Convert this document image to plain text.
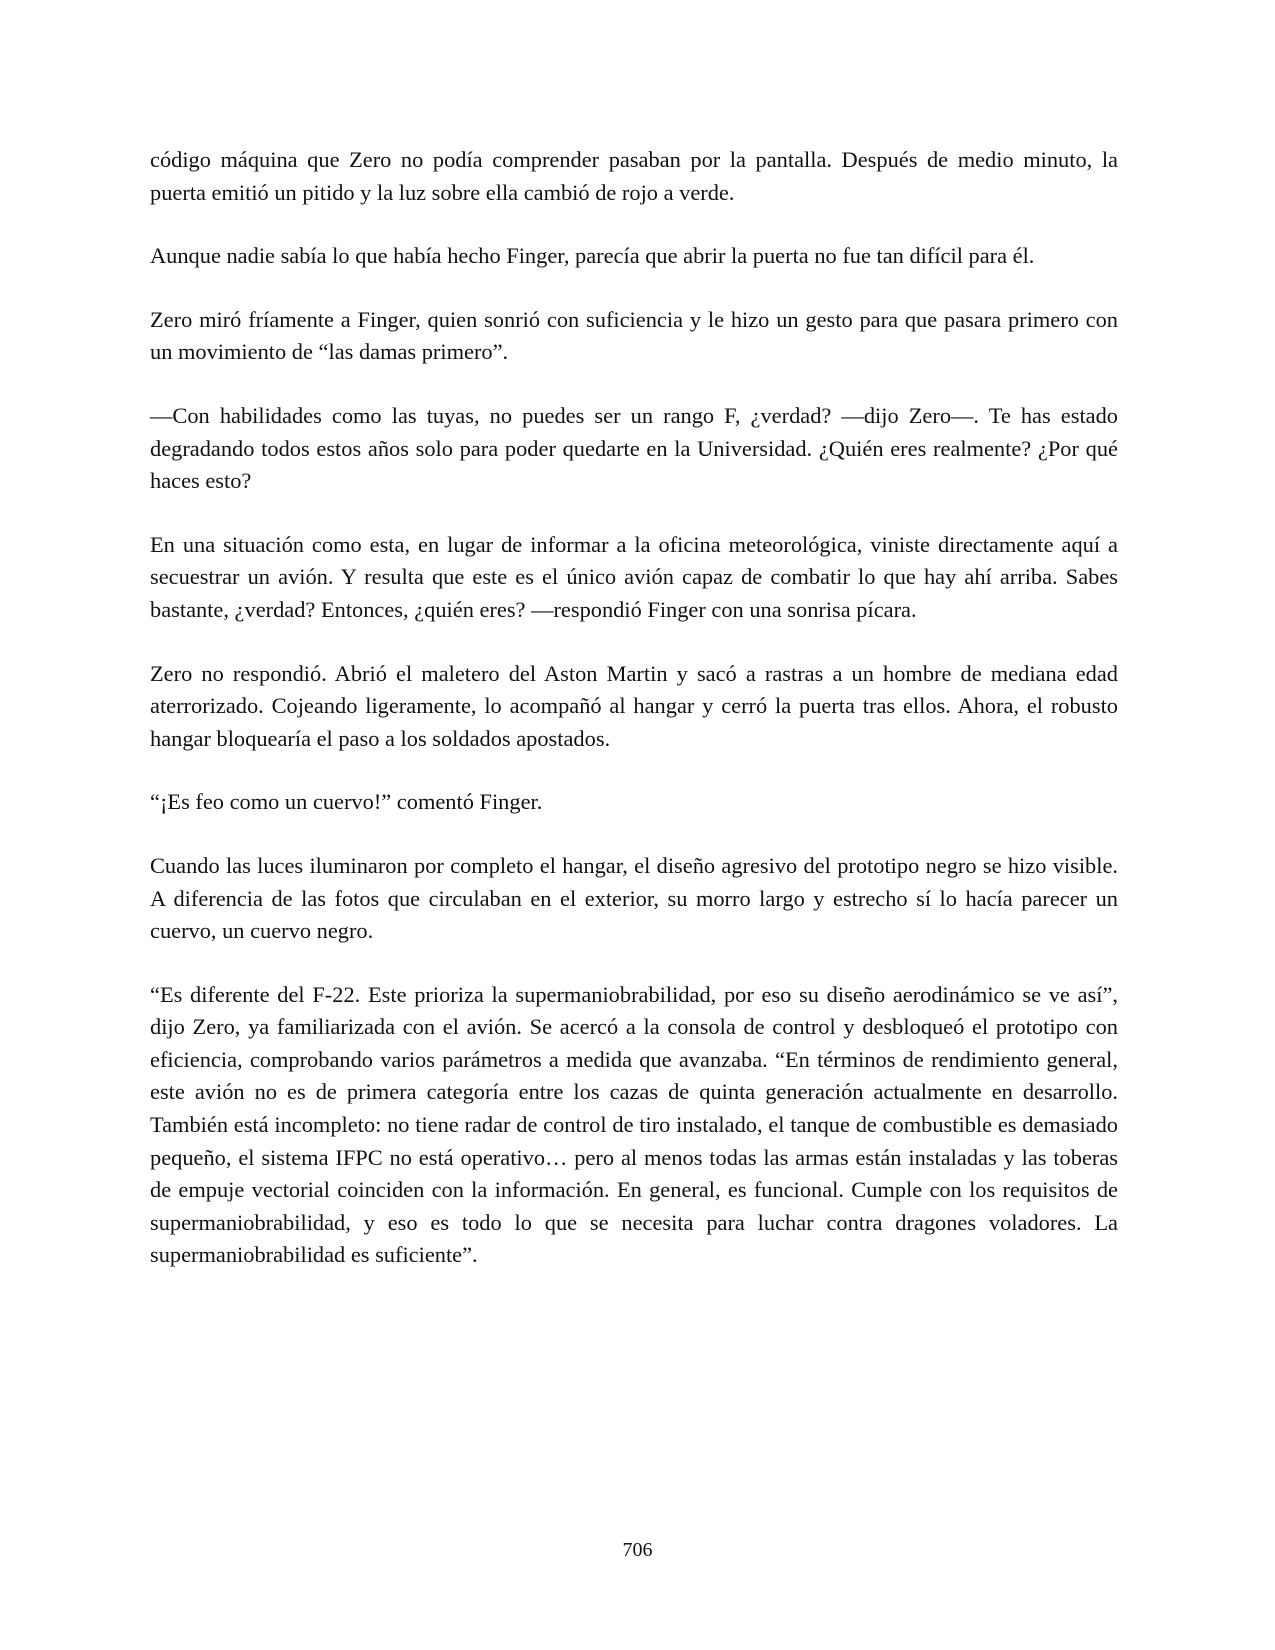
código máquina que Zero no podía comprender pasaban por la pantalla. Después de medio minuto, la puerta emitió un pitido y la luz sobre ella cambió de rojo a verde.

Aunque nadie sabía lo que había hecho Finger, parecía que abrir la puerta no fue tan difícil para él.

Zero miró fríamente a Finger, quien sonrió con suficiencia y le hizo un gesto para que pasara primero con un movimiento de “las damas primero”.

—Con habilidades como las tuyas, no puedes ser un rango F, ¿verdad? —dijo Zero—. Te has estado degradando todos estos años solo para poder quedarte en la Universidad. ¿Quién eres realmente? ¿Por qué haces esto?

En una situación como esta, en lugar de informar a la oficina meteorológica, viniste directamente aquí a secuestrar un avión. Y resulta que este es el único avión capaz de combatir lo que hay ahí arriba. Sabes bastante, ¿verdad? Entonces, ¿quién eres? —respondió Finger con una sonrisa pícara.

Zero no respondió. Abrió el maletero del Aston Martin y sacó a rastras a un hombre de mediana edad aterrorizado. Cojeando ligeramente, lo acompañó al hangar y cerró la puerta tras ellos. Ahora, el robusto hangar bloquearía el paso a los soldados apostados.

“¡Es feo como un cuervo!” comentó Finger.

Cuando las luces iluminaron por completo el hangar, el diseño agresivo del prototipo negro se hizo visible. A diferencia de las fotos que circulaban en el exterior, su morro largo y estrecho sí lo hacía parecer un cuervo, un cuervo negro.

“Es diferente del F-22. Este prioriza la supermaniobrabilidad, por eso su diseño aerodinámico se ve así”, dijo Zero, ya familiarizada con el avión. Se acercó a la consola de control y desbloqueó el prototipo con eficiencia, comprobando varios parámetros a medida que avanzaba. “En términos de rendimiento general, este avión no es de primera categoría entre los cazas de quinta generación actualmente en desarrollo. También está incompleto: no tiene radar de control de tiro instalado, el tanque de combustible es demasiado pequeño, el sistema IFPC no está operativo… pero al menos todas las armas están instaladas y las toberas de empuje vectorial coinciden con la información. En general, es funcional. Cumple con los requisitos de supermaniobrabilidad, y eso es todo lo que se necesita para luchar contra dragones voladores. La supermaniobrabilidad es suficiente”.

706
